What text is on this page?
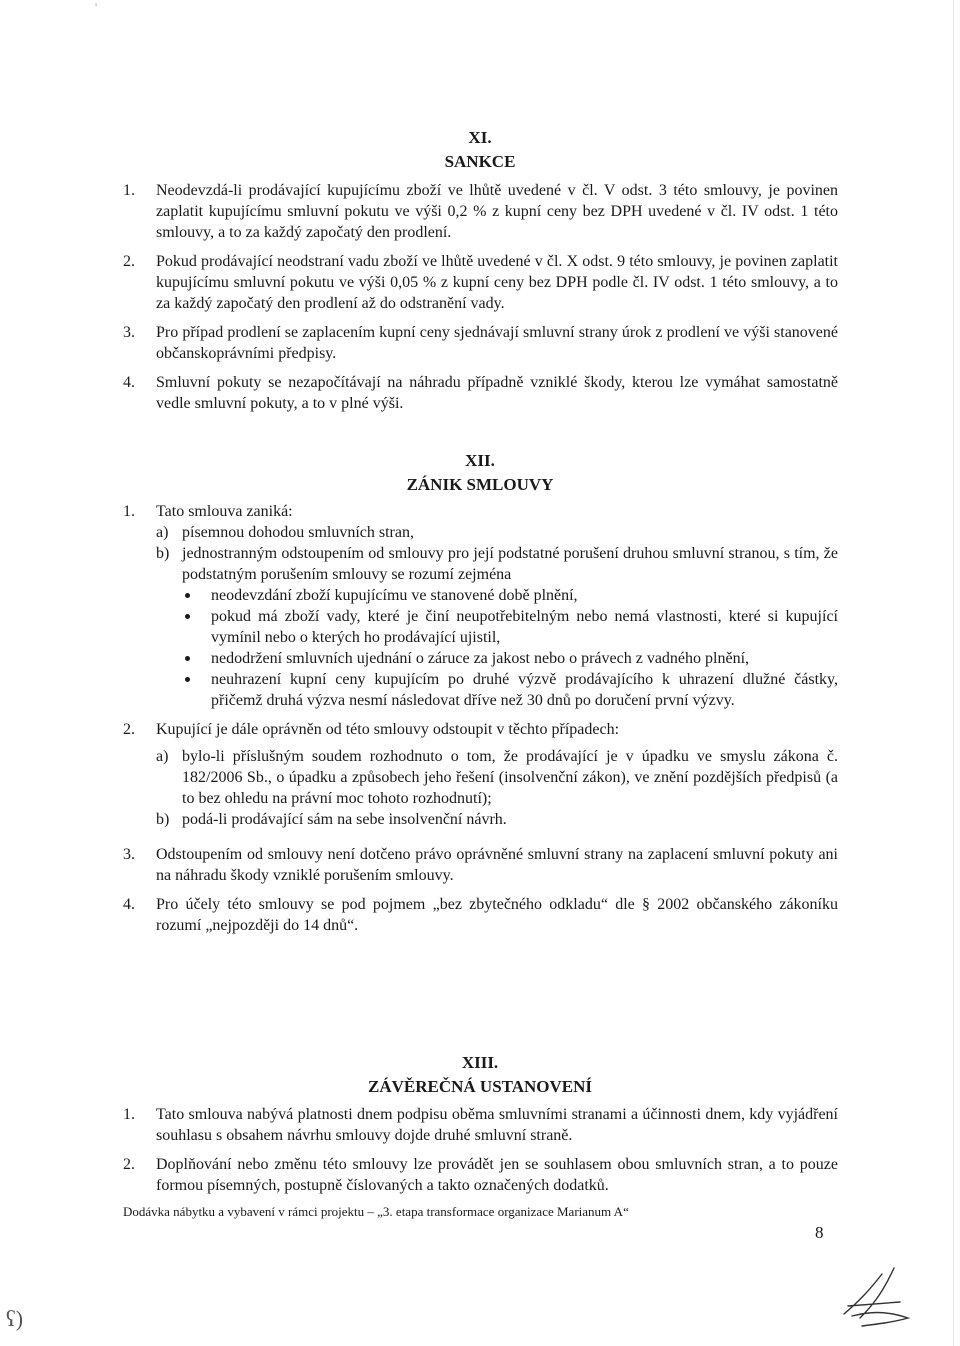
'
XI.
SANKCE
1.	Neodevzdá-li prodávající kupujícímu zboží ve lhůtě uvedené v čl. V odst. 3 této smlouvy, je povinen zaplatit kupujícímu smluvní pokutu ve výši 0,2 % z kupní ceny bez DPH uvedené v čl. IV odst. 1 této smlouvy, a to za každý započatý den prodlení.
2.	Pokud prodávající neodstraní vadu zboží ve lhůtě uvedené v čl. X odst. 9 této smlouvy, je povinen zaplatit kupujícímu smluvní pokutu ve výši 0,05 % z kupní ceny bez DPH podle čl. IV odst. 1 této smlouvy, a to za každý započatý den prodlení až do odstranění vady.
3.	Pro případ prodlení se zaplacením kupní ceny sjednávají smluvní strany úrok z prodlení ve výši stanovené občanskoprávními předpisy.
4.	Smluvní pokuty se nezapočítávají na náhradu případně vzniklé škody, kterou lze vymáhat samostatně vedle smluvní pokuty, a to v plné výši.
XII.
ZÁNIK SMLOUVY
1.	Tato smlouva zaniká:
a) písemnou dohodou smluvních stran,
b) jednostranným odstoupením od smlouvy pro její podstatné porušení druhou smluvní stranou, s tím, že podstatným porušením smlouvy se rozumí zejména
neodevzdání zboží kupujícímu ve stanovené době plnění,
pokud má zboží vady, které je činí neupotřebitelným nebo nemá vlastnosti, které si kupující vymínil nebo o kterých ho prodávající ujistil,
nedodržení smluvních ujednání o záruce za jakost nebo o právech z vadného plnění,
neuhrazení kupní ceny kupujícím po druhé výzvě prodávajícího k uhrazení dlužné částky, přičemž druhá výzva nesmí následovat dříve než 30 dnů po doručení první výzvy.
2.	Kupující je dále oprávněn od této smlouvy odstoupit v těchto případech:
a) bylo-li příslušným soudem rozhodnuto o tom, že prodávající je v úpadku ve smyslu zákona č. 182/2006 Sb., o úpadku a způsobech jeho řešení (insolvenční zákon), ve znění pozdějších předpisů (a to bez ohledu na právní moc tohoto rozhodnutí);
b) podá-li prodávající sám na sebe insolvenční návrh.
3.	Odstoupením od smlouvy není dotčeno právo oprávněné smluvní strany na zaplacení smluvní pokuty ani na náhradu škody vzniklé porušením smlouvy.
4.	Pro účely této smlouvy se pod pojmem „bez zbytečného odkladu“ dle § 2002 občanského zákoníku rozumí „nejpozději do 14 dnů“.
XIII.
ZÁVĚREČNÁ USTANOVENÍ
1.	Tato smlouva nabývá platnosti dnem podpisu oběma smluvními stranami a účinnosti dnem, kdy vyjádření souhlasu s obsahem návrhu smlouvy dojde druhé smluvní straně.
2.	Doplňování nebo změnu této smlouvy lze provádět jen se souhlasem obou smluvních stran, a to pouze formou písemných, postupně číslovaných a takto označených dodatků.
Dodávka nábytku a vybavení v rámci projektu – „3. etapa transformace organizace Marianum A“
8
ʕ)
